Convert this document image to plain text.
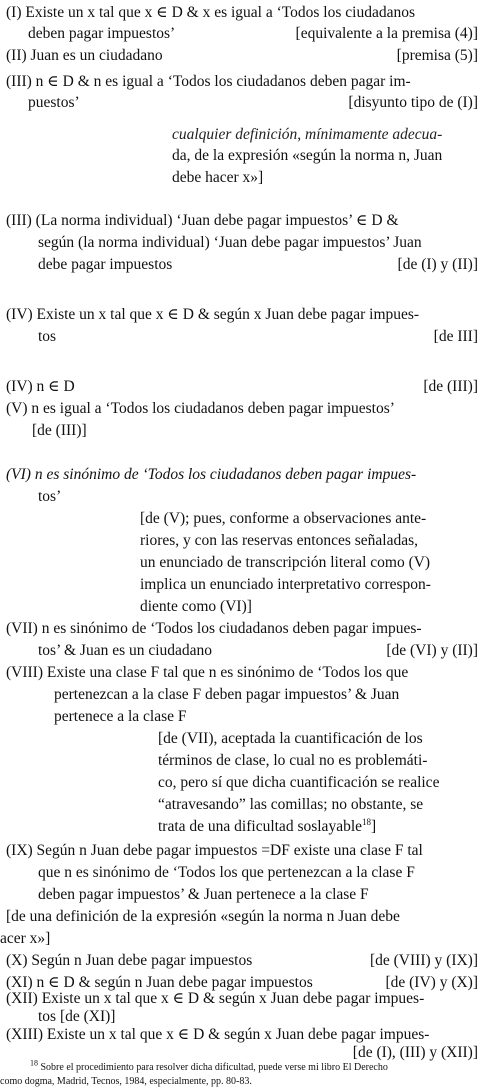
(I) Existe un x tal que x ∈ D & x es igual a ‘Todos los ciudadanos
deben pagar impuestos’	[equivalente a la premisa (4)]
(II) Juan es un ciudadano	[premisa (5)]
(III) n ∈ D & n es igual a ‘Todos los ciudadanos deben pagar im-
puestos’	[disyunto tipo de (I)]
cualquier definición, mínimamente adecua-
da, de la expresión «según la norma n, Juan
debe hacer x»]
(III) (La norma individual) ‘Juan debe pagar impuestos’ ∈ D &
según (la norma individual) ‘Juan debe pagar impuestos’ Juan
debe pagar impuestos	[de (I) y (II)]
(IV) Existe un x tal que x ∈ D & según x Juan debe pagar impues-
tos	[de III]
(IV) n ∈ D	[de (III)]
(V) n es igual a ‘Todos los ciudadanos deben pagar impuestos’
[de (III)]
(VI) n es sinónimo de ‘Todos los ciudadanos deben pagar impues-
tos’
[de (V); pues, conforme a observaciones ante-
riores, y con las reservas entonces señaladas,
un enunciado de transcripción literal como (V)
implica un enunciado interpretativo correspon-
diente como (VI)]
(VII) n es sinónimo de ‘Todos los ciudadanos deben pagar impues-
tos’ & Juan es un ciudadano	[de (VI) y (II)]
(VIII) Existe una clase F tal que n es sinónimo de ‘Todos los que
pertenezcan a la clase F deben pagar impuestos’ & Juan
pertenece a la clase F
[de (VII), aceptada la cuantificación de los
términos de clase, lo cual no es problemáti-
co, pero sí que dicha cuantificación se realice
“atravesando” las comillas; no obstante, se
trata de una dificultad soslayable$^{18}$]
(IX) Según n Juan debe pagar impuestos =DF existe una clase F tal
que n es sinónimo de ‘Todos los que pertenezcan a la clase F
deben pagar impuestos’ & Juan pertenece a la clase F
[de una definición de la expresión «según la norma n Juan debe
acer x»]
(X) Según n Juan debe pagar impuestos	[de (VIII) y (IX)]
(XI) n ∈ D & según n Juan debe pagar impuestos	[de (IV) y (X)]
(XII) Existe un x tal que x ∈ D & según x Juan debe pagar impues-
tos [de (XI)]
(XIII) Existe un x tal que x ∈ D & según x Juan debe pagar impues-
[de (I), (III) y (XII)]
$^{18}$ Sobre el procedimiento para resolver dicha dificultad, puede verse mi libro El Derecho
como dogma, Madrid, Tecnos, 1984, especialmente, pp. 80-83.
